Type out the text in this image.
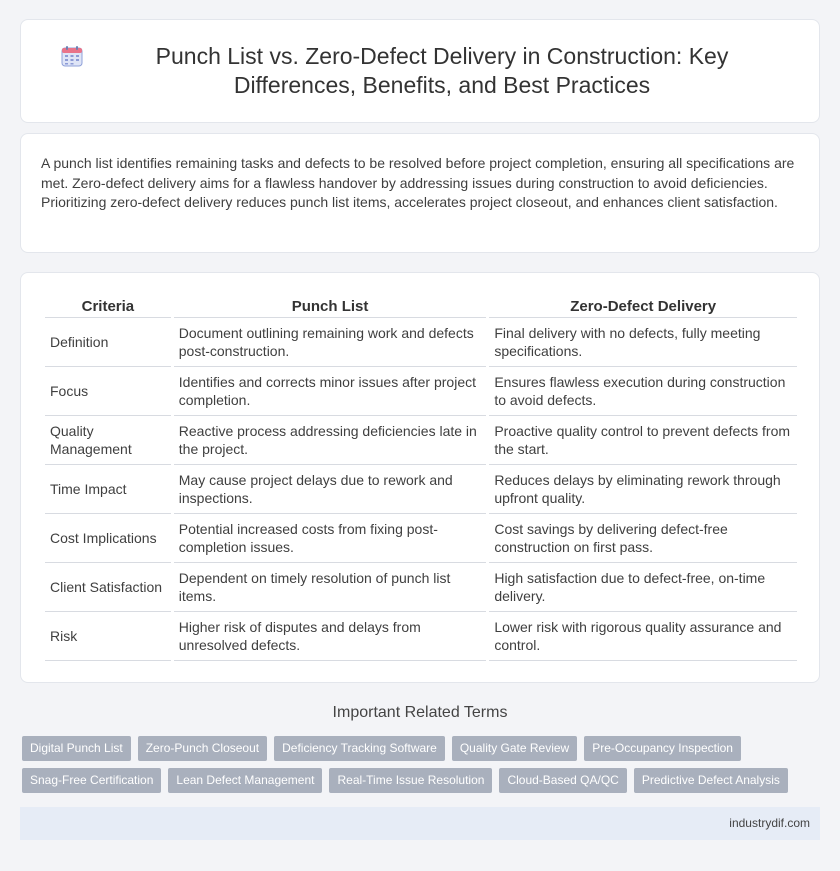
Punch List vs. Zero-Defect Delivery in Construction: Key Differences, Benefits, and Best Practices

A punch list identifies remaining tasks and defects to be resolved before project completion, ensuring all specifications are met. Zero-defect delivery aims for a flawless handover by addressing issues during construction to avoid deficiencies. Prioritizing zero-defect delivery reduces punch list items, accelerates project closeout, and enhances client satisfaction.

Criteria	Punch List	Zero-Defect Delivery
Definition	Document outlining remaining work and defects post-construction.	Final delivery with no defects, fully meeting specifications.
Focus	Identifies and corrects minor issues after project completion.	Ensures flawless execution during construction to avoid defects.
Quality Management	Reactive process addressing deficiencies late in the project.	Proactive quality control to prevent defects from the start.
Time Impact	May cause project delays due to rework and inspections.	Reduces delays by eliminating rework through upfront quality.
Cost Implications	Potential increased costs from fixing post-completion issues.	Cost savings by delivering defect-free construction on first pass.
Client Satisfaction	Dependent on timely resolution of punch list items.	High satisfaction due to defect-free, on-time delivery.
Risk	Higher risk of disputes and delays from unresolved defects.	Lower risk with rigorous quality assurance and control.
Important Related Terms
Digital Punch List	Zero-Punch Closeout	Deficiency Tracking Software	Quality Gate Review	Pre-Occupancy Inspection
Snag-Free Certification	Lean Defect Management	Real-Time Issue Resolution	Cloud-Based QA/QC	Predictive Defect Analysis
industrydif.com
